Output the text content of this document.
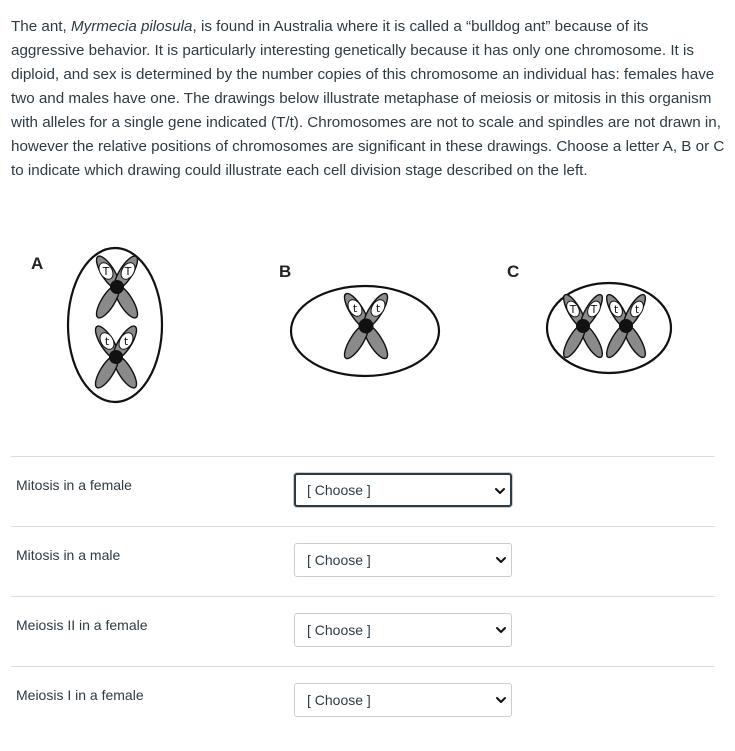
The ant, Myrmecia pilosula, is found in Australia where it is called a “bulldog ant” because of its aggressive behavior. It is particularly interesting genetically because it has only one chromosome. It is diploid, and sex is determined by the number copies of this chromosome an individual has: females have two and males have one. The drawings below illustrate metaphase of meiosis or mitosis in this organism with alleles for a single gene indicated (T/t). Chromosomes are not to scale and spindles are not drawn in, however the relative positions of chromosomes are significant in these drawings. Choose a letter A, B or C to indicate which drawing could illustrate each cell division stage described on the left.
A	T T
t t
B
t t
C
T T t t
Mitosis in a female	[ Choose ]
Mitosis in a male	[ Choose ]
Meiosis II in a female	[ Choose ]
Meiosis I in a female	[ Choose ]
